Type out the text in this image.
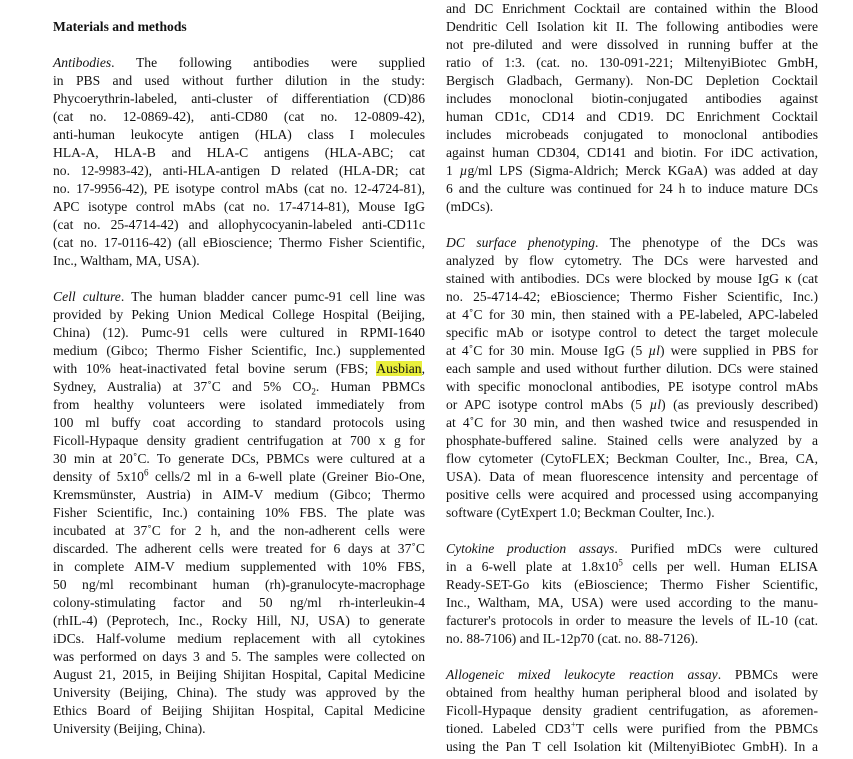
Materials and methods
Antibodies. The following antibodies were supplied
in PBS and used without further dilution in the study:
Phycoerythrin-labeled, anti-cluster of differentiation (CD)86
(cat no. 12-0869-42), anti-CD80 (cat no. 12-0809-42),
anti-human leukocyte antigen (HLA) class I molecules
HLA-A, HLA-B and HLA-C antigens (HLA-ABC; cat
no. 12-9983-42), anti-HLA-antigen D related (HLA-DR; cat
no. 17-9956-42), PE isotype control mAbs (cat no. 12-4724-81),
APC isotype control mAbs (cat no. 17-4714-81), Mouse IgG
(cat no. 25-4714-42) and allophycocyanin-labeled anti-CD11c
(cat no. 17-0116-42) (all eBioscience; Thermo Fisher Scientific,
Inc., Waltham, MA, USA).
Cell culture. The human bladder cancer pumc-91 cell line was
provided by Peking Union Medical College Hospital (Beijing,
China) (12). Pumc-91 cells were cultured in RPMI-1640
medium (Gibco; Thermo Fisher Scientific, Inc.) supplemented
with 10% heat-inactivated fetal bovine serum (FBS; Ausbian,
Sydney, Australia) at 37˚C and 5% $CO_2$. Human PBMCs
from healthy volunteers were isolated immediately from
100 ml buffy coat according to standard protocols using
Ficoll-Hypaque density gradient centrifugation at 700 x g for
30 min at 20˚C. To generate DCs, PBMCs were cultured at a
density of $5x10^6$ cells/2 ml in a 6-well plate (Greiner Bio-One,
Kremsmünster, Austria) in AIM-V medium (Gibco; Thermo
Fisher Scientific, Inc.) containing 10% FBS. The plate was
incubated at 37˚C for 2 h, and the non-adherent cells were
discarded. The adherent cells were treated for 6 days at 37˚C
in complete AIM-V medium supplemented with 10% FBS,
50 ng/ml recombinant human (rh)-granulocyte-macrophage
colony-stimulating factor and 50 ng/ml rh-interleukin-4
(rhIL-4) (Peprotech, Inc., Rocky Hill, NJ, USA) to generate
iDCs. Half-volume medium replacement with all cytokines
was performed on days 3 and 5. The samples were collected on
August 21, 2015, in Beijing Shijitan Hospital, Capital Medicine
University (Beijing, China). The study was approved by the
Ethics Board of Beijing Shijitan Hospital, Capital Medicine
University (Beijing, China).
and DC Enrichment Cocktail are contained within the Blood
Dendritic Cell Isolation kit II. The following antibodies were
not pre-diluted and were dissolved in running buffer at the
ratio of 1:3. (cat. no. 130-091-221; MiltenyiBiotec GmbH,
Bergisch Gladbach, Germany). Non-DC Depletion Cocktail
includes monoclonal biotin-conjugated antibodies against
human CD1c, CD14 and CD19. DC Enrichment Cocktail
includes microbeads conjugated to monoclonal antibodies
against human CD304, CD141 and biotin. For iDC activation,
1 µg/ml LPS (Sigma-Aldrich; Merck KGaA) was added at day
6 and the culture was continued for 24 h to induce mature DCs
(mDCs).
DC surface phenotyping. The phenotype of the DCs was
analyzed by flow cytometry. The DCs were harvested and
stained with antibodies. DCs were blocked by mouse IgG κ (cat
no. 25-4714-42; eBioscience; Thermo Fisher Scientific, Inc.)
at 4˚C for 30 min, then stained with a PE-labeled, APC-labeled
specific mAb or isotype control to detect the target molecule
at 4˚C for 30 min. Mouse IgG (5 µl) were supplied in PBS for
each sample and used without further dilution. DCs were stained
with specific monoclonal antibodies, PE isotype control mAbs
or APC isotype control mAbs (5 µl) (as previously described)
at 4˚C for 30 min, and then washed twice and resuspended in
phosphate-buffered saline. Stained cells were analyzed by a
flow cytometer (CytoFLEX; Beckman Coulter, Inc., Brea, CA,
USA). Data of mean fluorescence intensity and percentage of
positive cells were acquired and processed using accompanying
software (CytExpert 1.0; Beckman Coulter, Inc.).
Cytokine production assays. Purified mDCs were cultured
in a 6-well plate at $1.8x10^5$ cells per well. Human ELISA
Ready-SET-Go kits (eBioscience; Thermo Fisher Scientific,
Inc., Waltham, MA, USA) were used according to the manu-
facturer's protocols in order to measure the levels of IL-10 (cat.
no. 88-7106) and IL-12p70 (cat. no. 88-7126).
Allogeneic mixed leukocyte reaction assay. PBMCs were
obtained from healthy human peripheral blood and isolated by
Ficoll-Hypaque density gradient centrifugation, as aforemen-
tioned. Labeled CD3+T cells were purified from the PBMCs
using the Pan T cell Isolation kit (MiltenyiBiotec GmbH). In a
